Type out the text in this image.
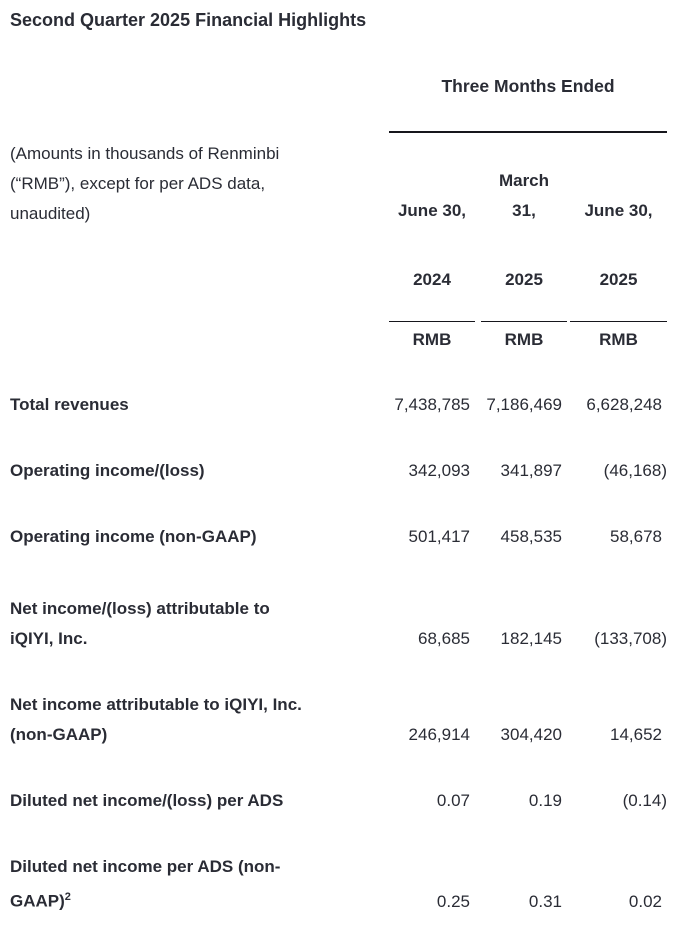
Second Quarter 2025 Financial Highlights
Three Months Ended
(Amounts in thousands of Renminbi
(“RMB”), except for per ADS data,
unaudited)	June 30,
2024
RMB
March
31,
2025
RMB
June 30,
2025
RMB
Total revenues	7,438,785 7,186,469	6,628,248
Operating income/(loss)	342,093	341,897	(46,168)
Operating income (non-GAAP)	501,417	458,535	58,678
Net income/(loss) attributable to
iQIYI, Inc.	68,685	182,145	(133,708)
Net income attributable to iQIYI, Inc.
(non-GAAP)	246,914	304,420	14,652
Diluted net income/(loss) per ADS	0.07	0.19	(0.14)
Diluted net income per ADS (non-
GAAP)$^2$	0.25	0.31	0.02
